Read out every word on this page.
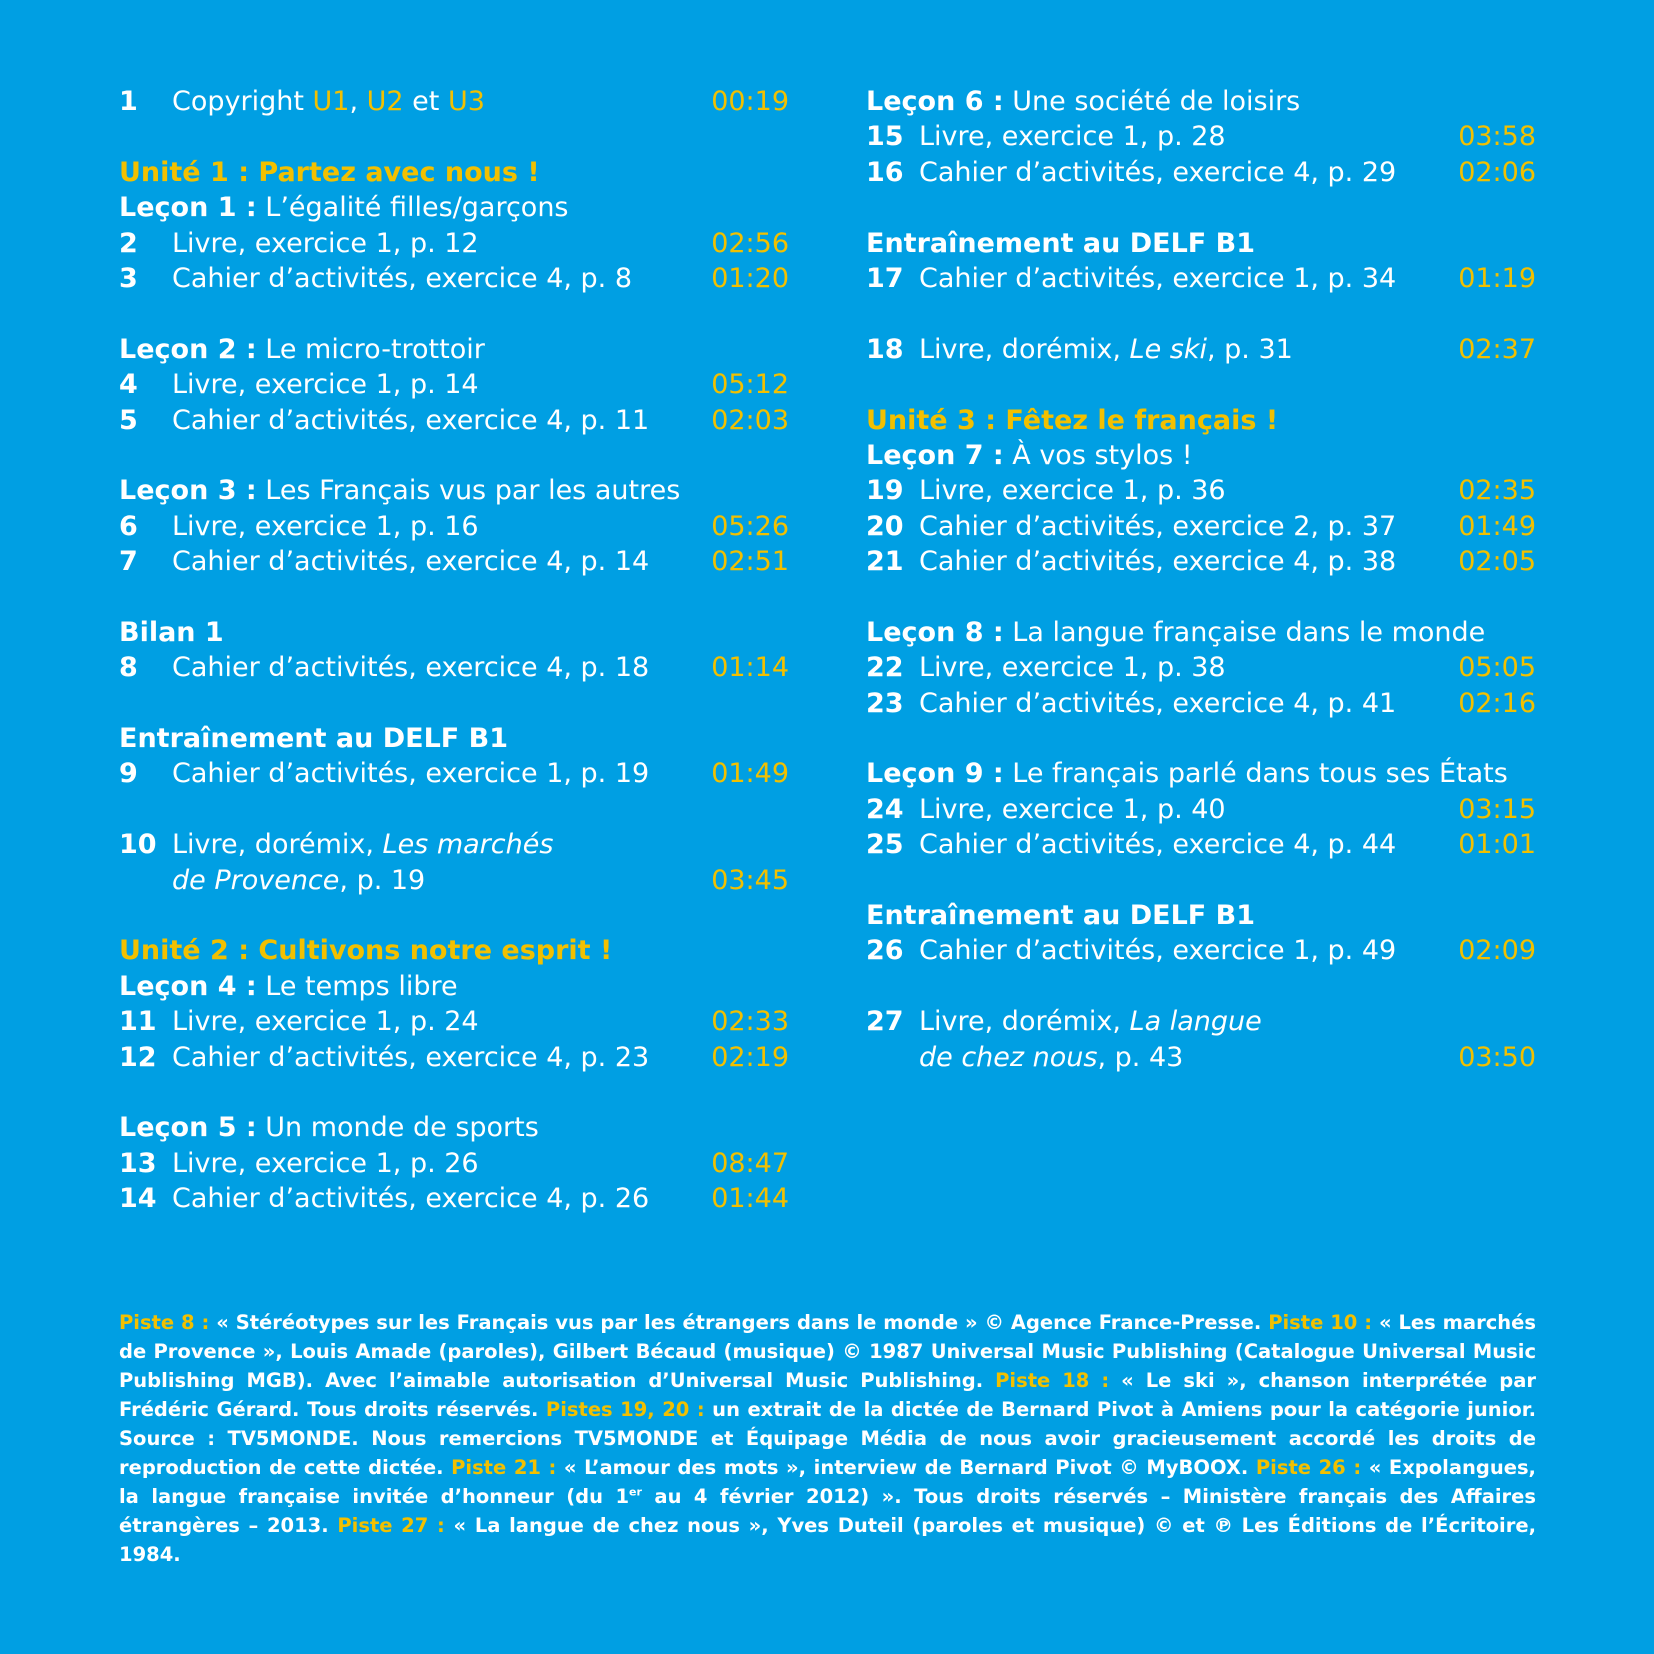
1 Copyright U1, U2 et U3	00:19
Unité 1 : Partez avec nous !
Leçon 1 : L’égalité filles/garçons
2 Livre, exercice 1, p. 12	02:56
3 Cahier d’activités, exercice 4, p. 8	01:20
Leçon 2 : Le micro-trottoir
4 Livre, exercice 1, p. 14	05:12
5 Cahier d’activités, exercice 4, p. 11 02:03
Leçon 3 : Les Français vus par les autres
6 Livre, exercice 1, p. 16	05:26
7 Cahier d’activités, exercice 4, p. 14 02:51
Bilan 1
8 Cahier d’activités, exercice 4, p. 18 01:14
Entraînement au DELF B1
9 Cahier d’activités, exercice 1, p. 19 01:49
10 Livre, dorémix, Les marchés
de Provence, p. 19	03:45
Unité 2 : Cultivons notre esprit !
Leçon 4 : Le temps libre
11 Livre, exercice 1, p. 24	02:33
12 Cahier d’activités, exercice 4, p. 23 02:19
Leçon 5 : Un monde de sports
13 Livre, exercice 1, p. 26	08:47
14 Cahier d’activités, exercice 4, p. 26 01:44
Leçon 6 : Une société de loisirs
15 Livre, exercice 1, p. 28	03:58
16 Cahier d’activités, exercice 4, p. 29 02:06
Entraînement au DELF B1
17 Cahier d’activités, exercice 1, p. 34 01:19
18 Livre, dorémix, Le ski, p. 31	02:37
Unité 3 : Fêtez le français !
Leçon 7 : À vos stylos !
19 Livre, exercice 1, p. 36	02:35
20 Cahier d’activités, exercice 2, p. 37 01:49
21 Cahier d’activités, exercice 4, p. 38 02:05
Leçon 8 : La langue française dans le monde
22 Livre, exercice 1, p. 38	05:05
23 Cahier d’activités, exercice 4, p. 41 02:16
Leçon 9 : Le français parlé dans tous ses États
24 Livre, exercice 1, p. 40	03:15
25 Cahier d’activités, exercice 4, p. 44 01:01
Entraînement au DELF B1
26 Cahier d’activités, exercice 1, p. 49 02:09
27 Livre, dorémix, La langue
de chez nous, p. 43	03:50

Piste 8 : « Stéréotypes sur les Français vus par les étrangers dans le monde » © Agence France-Presse. Piste 10 : « Les marchés de Provence », Louis Amade (paroles), Gilbert Bécaud (musique) © 1987 Universal Music Publishing (Catalogue Universal Music Publishing MGB). Avec l’aimable autorisation d’Universal Music Publishing. Piste 18 : « Le ski », chanson interprétée par Frédéric Gérard. Tous droits réservés. Pistes 19, 20 : un extrait de la dictée de Bernard Pivot à Amiens pour la catégorie junior. Source : TV5MONDE. Nous remercions TV5MONDE et Équipage Média de nous avoir gracieusement accordé les droits de reproduction de cette dictée. Piste 21 : « L’amour des mots », interview de Bernard Pivot © MyBOOX. Piste 26 : « Expolangues, la langue française invitée d’honneur (du 1er au 4 février 2012) ». Tous droits réservés – Ministère français des Affaires étrangères – 2013. Piste 27 : « La langue de chez nous », Yves Duteil (paroles et musique) © et ℗ Les Éditions de l’Écritoire, 1984.
